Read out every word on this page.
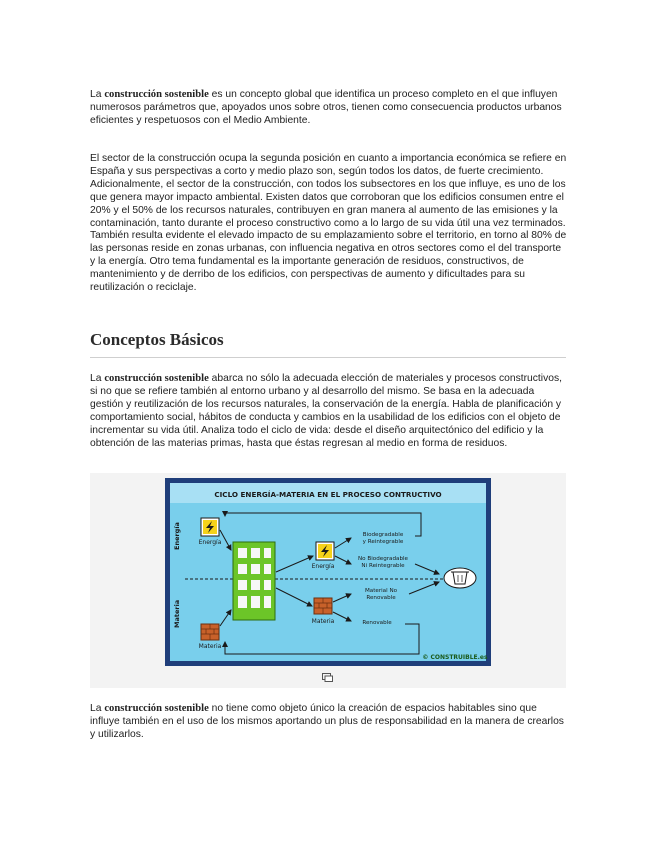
La construcción sostenible es un concepto global que identifica un proceso completo en el que influyen numerosos parámetros que, apoyados unos sobre otros, tienen como consecuencia productos urbanos eficientes y respetuosos con el Medio Ambiente.

El sector de la construcción ocupa la segunda posición en cuanto a importancia económica se refiere en España y sus perspectivas a corto y medio plazo son, según todos los datos, de fuerte crecimiento. Adicionalmente, el sector de la construcción, con todos los subsectores en los que influye, es uno de los que genera mayor impacto ambiental. Existen datos que corroboran que los edificios consumen entre el 20% y el 50% de los recursos naturales, contribuyen en gran manera al aumento de las emisiones y la contaminación, tanto durante el proceso constructivo como a lo largo de su vida útil una vez terminados. También resulta evidente el elevado impacto de su emplazamiento sobre el territorio, en torno al 80% de las personas reside en zonas urbanas, con influencia negativa en otros sectores como el del transporte y la energía. Otro tema fundamental es la importante generación de residuos, constructivos, de mantenimiento y de derribo de los edificios, con perspectivas de aumento y dificultades para su reutilización o reciclaje.

Conceptos Básicos

La construcción sostenible abarca no sólo la adecuada elección de materiales y procesos constructivos, si no que se refiere también al entorno urbano y al desarrollo del mismo. Se basa en la adecuada gestión y reutilización de los recursos naturales, la conservación de la energía. Habla de planificación y comportamiento social, hábitos de conducta y cambios en la usabilidad de los edificios con el objeto de incrementar su vida útil. Analiza todo el ciclo de vida: desde el diseño arquitectónico del edificio y la obtención de las materias primas, hasta que éstas regresan al medio en forma de residuos.

CICLO ENERGÍA-MATERIA EN EL PROCESO CONTRUCTIVO
Energía
Materia
Energía
Materia
Energía
Materia
Biodegradable
y Reintegrable
No Biodegradable
Ni Reintegrable
Material No
Renovable
Renovable
© CONSTRUIBLE.es

La construcción sostenible no tiene como objeto único la creación de espacios habitables sino que influye también en el uso de los mismos aportando un plus de responsabilidad en la manera de crearlos y utilizarlos.
